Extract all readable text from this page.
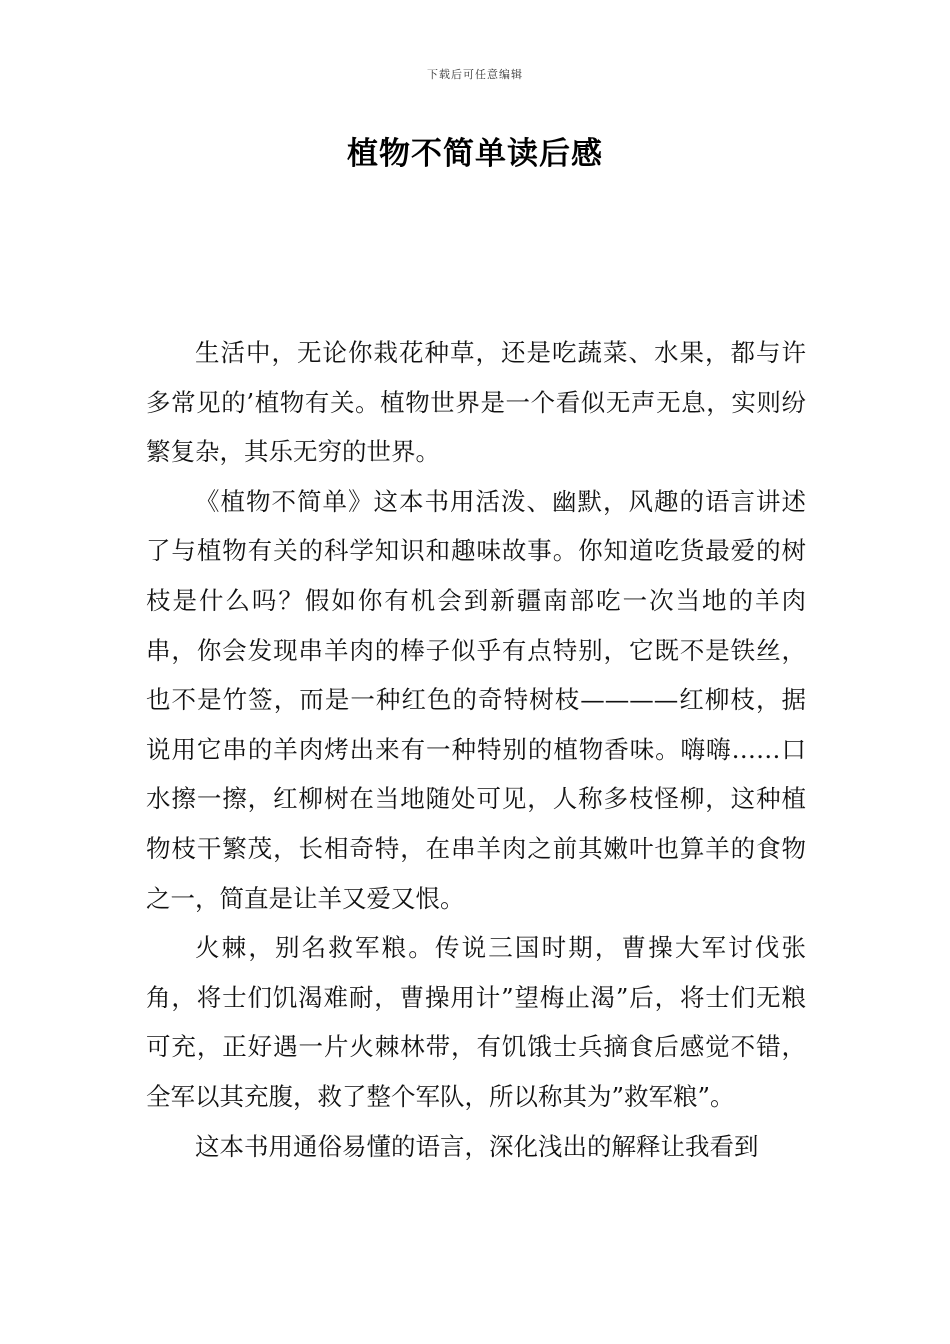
下载后可任意编辑
植物不简单读后感

生活中，无论你栽花种草，还是吃蔬菜、水果，都与许多常见的’植物有关。植物世界是一个看似无声无息，实则纷繁复杂，其乐无穷的世界。

《植物不简单》这本书用活泼、幽默，风趣的语言讲述了与植物有关的科学知识和趣味故事。你知道吃货最爱的树枝是什么吗？假如你有机会到新疆南部吃一次当地的羊肉串，你会发现串羊肉的棒子似乎有点特别，它既不是铁丝，也不是竹签，而是一种红色的奇特树枝————红柳枝，据说用它串的羊肉烤出来有一种特别的植物香味。嗨嗨……口水擦一擦，红柳树在当地随处可见，人称多枝怪柳，这种植物枝干繁茂，长相奇特，在串羊肉之前其嫩叶也算羊的食物之一，简直是让羊又爱又恨。

火棘，别名救军粮。传说三国时期，曹操大军讨伐张角，将士们饥渴难耐，曹操用计”望梅止渴”后，将士们无粮可充，正好遇一片火棘林带，有饥饿士兵摘食后感觉不错，全军以其充腹，救了整个军队，所以称其为”救军粮”。

这本书用通俗易懂的语言，深化浅出的解释让我看到
